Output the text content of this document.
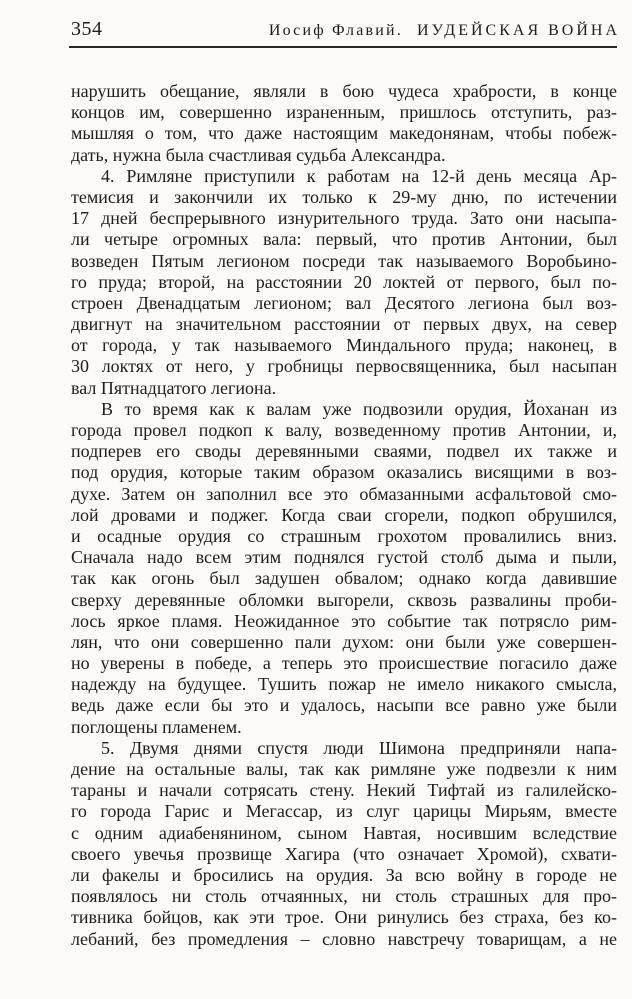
354	Иосиф Флавий. ИУДЕЙСКАЯ ВОЙНА
нарушить обещание, являли в бою чудеса храбрости, в конце
концов им, совершенно израненным, пришлось отступить, раз-
мышляя о том, что даже настоящим македонянам, чтобы побеж-
дать, нужна была счастливая судьба Александра.
4. Римляне приступили к работам на 12-й день месяца Ар-
темисия и закончили их только к 29-му дню, по истечении
17 дней беспрерывного изнурительного труда. Зато они насыпа-
ли четыре огромных вала: первый, что против Антонии, был
возведен Пятым легионом посреди так называемого Воробьино-
го пруда; второй, на расстоянии 20 локтей от первого, был по-
строен Двенадцатым легионом; вал Десятого легиона был воз-
двигнут на значительном расстоянии от первых двух, на север
от города, у так называемого Миндального пруда; наконец, в
30 локтях от него, у гробницы первосвященника, был насыпан
вал Пятнадцатого легиона.
В то время как к валам уже подвозили орудия, Йоханан из
города провел подкоп к валу, возведенному против Антонии, и,
подперев его своды деревянными сваями, подвел их также и
под орудия, которые таким образом оказались висящими в воз-
духе. Затем он заполнил все это обмазанными асфальтовой смо-
лой дровами и поджег. Когда сваи сгорели, подкоп обрушился,
и осадные орудия со страшным грохотом провалились вниз.
Сначала надо всем этим поднялся густой столб дыма и пыли,
так как огонь был задушен обвалом; однако когда давившие
сверху деревянные обломки выгорели, сквозь развалины проби-
лось яркое пламя. Неожиданное это событие так потрясло рим-
лян, что они совершенно пали духом: они были уже совершен-
но уверены в победе, а теперь это происшествие погасило даже
надежду на будущее. Тушить пожар не имело никакого смысла,
ведь даже если бы это и удалось, насыпи все равно уже были
поглощены пламенем.
5. Двумя днями спустя люди Шимона предприняли напа-
дение на остальные валы, так как римляне уже подвезли к ним
тараны и начали сотрясать стену. Некий Тифтай из галилейско-
го города Гарис и Мегассар, из слуг царицы Мирьям, вместе
с одним адиабенянином, сыном Навтая, носившим вследствие
своего увечья прозвище Хагира (что означает Хромой), схвати-
ли факелы и бросились на орудия. За всю войну в городе не
появлялось ни столь отчаянных, ни столь страшных для про-
тивника бойцов, как эти трое. Они ринулись без страха, без ко-
лебаний, без промедления – словно навстречу товарищам, а не
